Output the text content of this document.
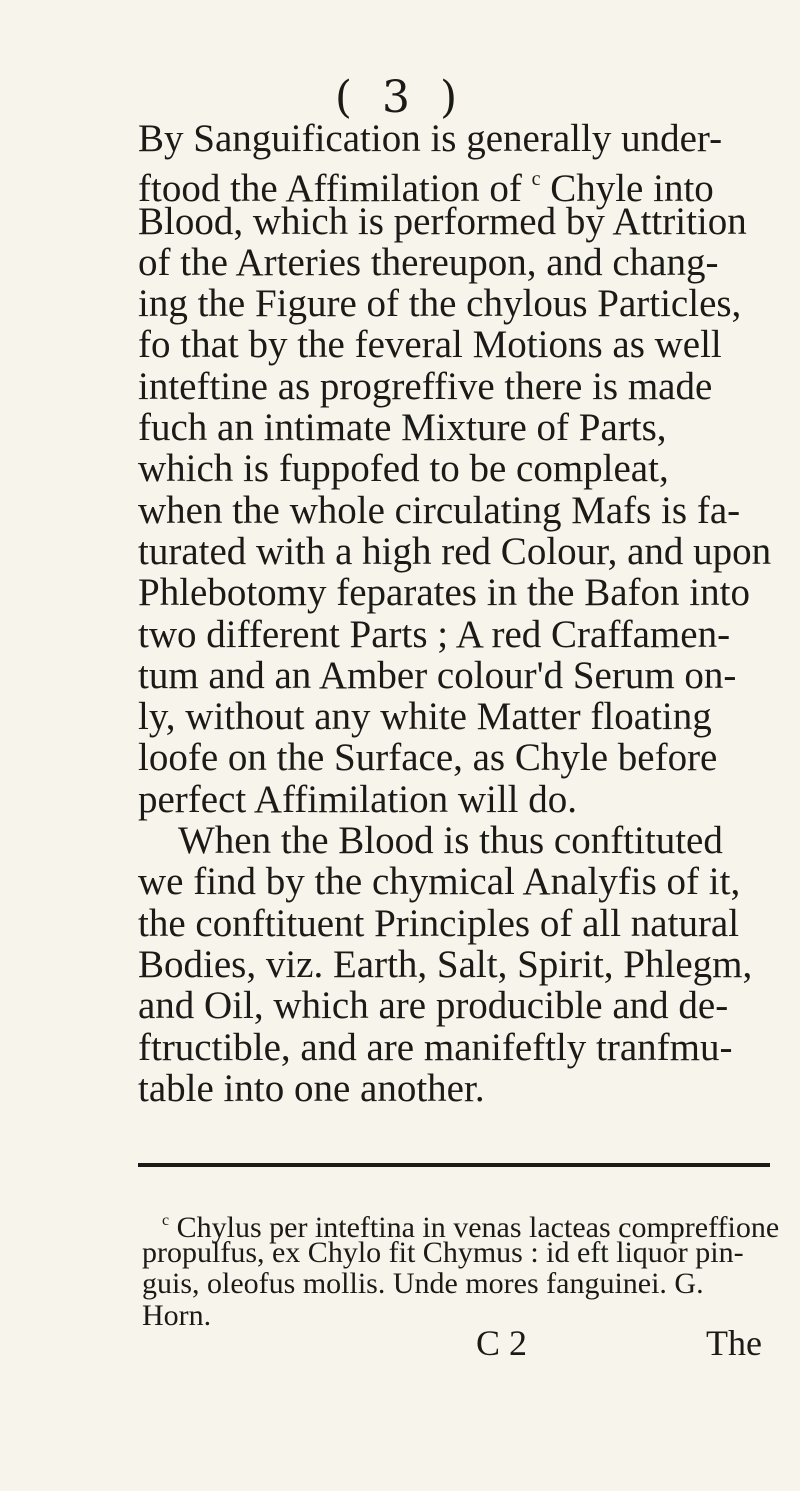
( 3 )
By Sanguification is generally under-
ftood the Affimilation of $^c$ Chyle into
Blood, which is performed by Attrition
of the Arteries thereupon, and chang-
ing the Figure of the chylous Particles,
fo that by the feveral Motions as well
inteftine as progreffive there is made
fuch an intimate Mixture of Parts,
which is fuppofed to be compleat,
when the whole circulating Mafs is fa-
turated with a high red Colour, and upon
Phlebotomy feparates in the Bafon into
two different Parts ; A red Craffamen-
tum and an Amber colour'd Serum on-
ly, without any white Matter floating
loofe on the Surface, as Chyle before
perfect Affimilation will do.
When the Blood is thus conftituted
we find by the chymical Analyfis of it,
the conftituent Principles of all natural
Bodies, viz. Earth, Salt, Spirit, Phlegm,
and Oil, which are producible and de-
ftructible, and are manifeftly tranfmu-
table into one another.
$^c$ Chylus per inteftina in venas lacteas compreffione
propulfus, ex Chylo fit Chymus : id eft liquor pin-
guis, oleofus mollis. Unde mores fanguinei. G.
Horn.
C 2	The
